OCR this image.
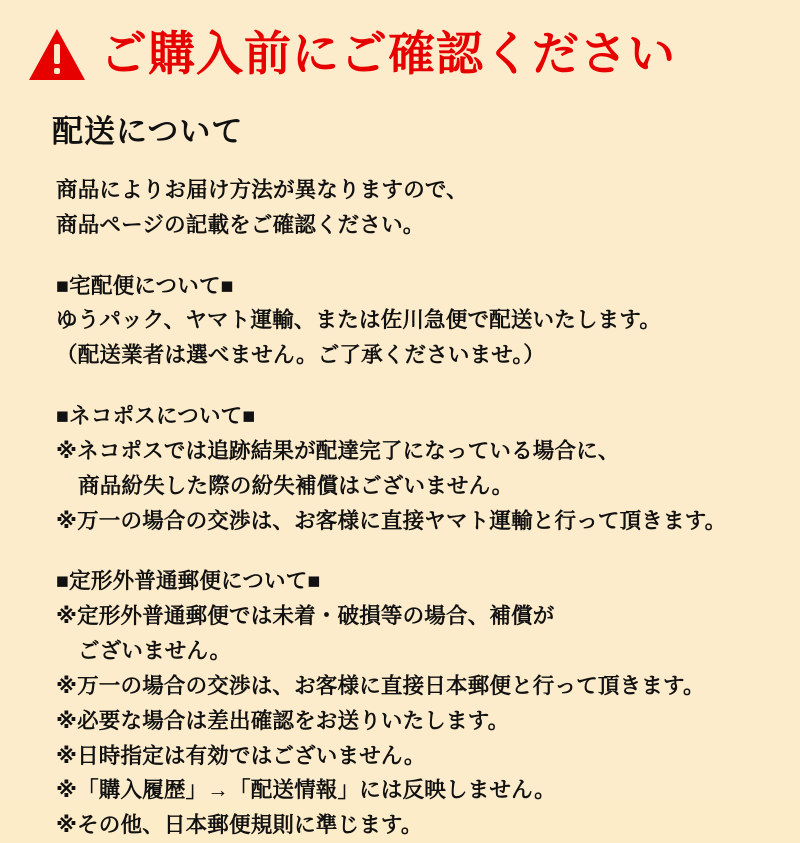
ご購入前にご確認ください
配送について
商品によりお届け方法が異なりますので、
商品ページの記載をご確認ください。
■宅配便について■
ゆうパック、ヤマト運輸、または佐川急便で配送いたします。
（配送業者は選べません。ご了承くださいませ。）
■ネコポスについて■
※ネコポスでは追跡結果が配達完了になっている場合に、
商品紛失した際の紛失補償はございません。
※万一の場合の交渉は、お客様に直接ヤマト運輸と行って頂きます。
■定形外普通郵便について■
※定形外普通郵便では未着・破損等の場合、補償が
ございません。
※万一の場合の交渉は、お客様に直接日本郵便と行って頂きます。
※必要な場合は差出確認をお送りいたします。
※日時指定は有効ではございません。
※「購入履歴」→「配送情報」には反映しません。
※その他、日本郵便規則に準じます。
